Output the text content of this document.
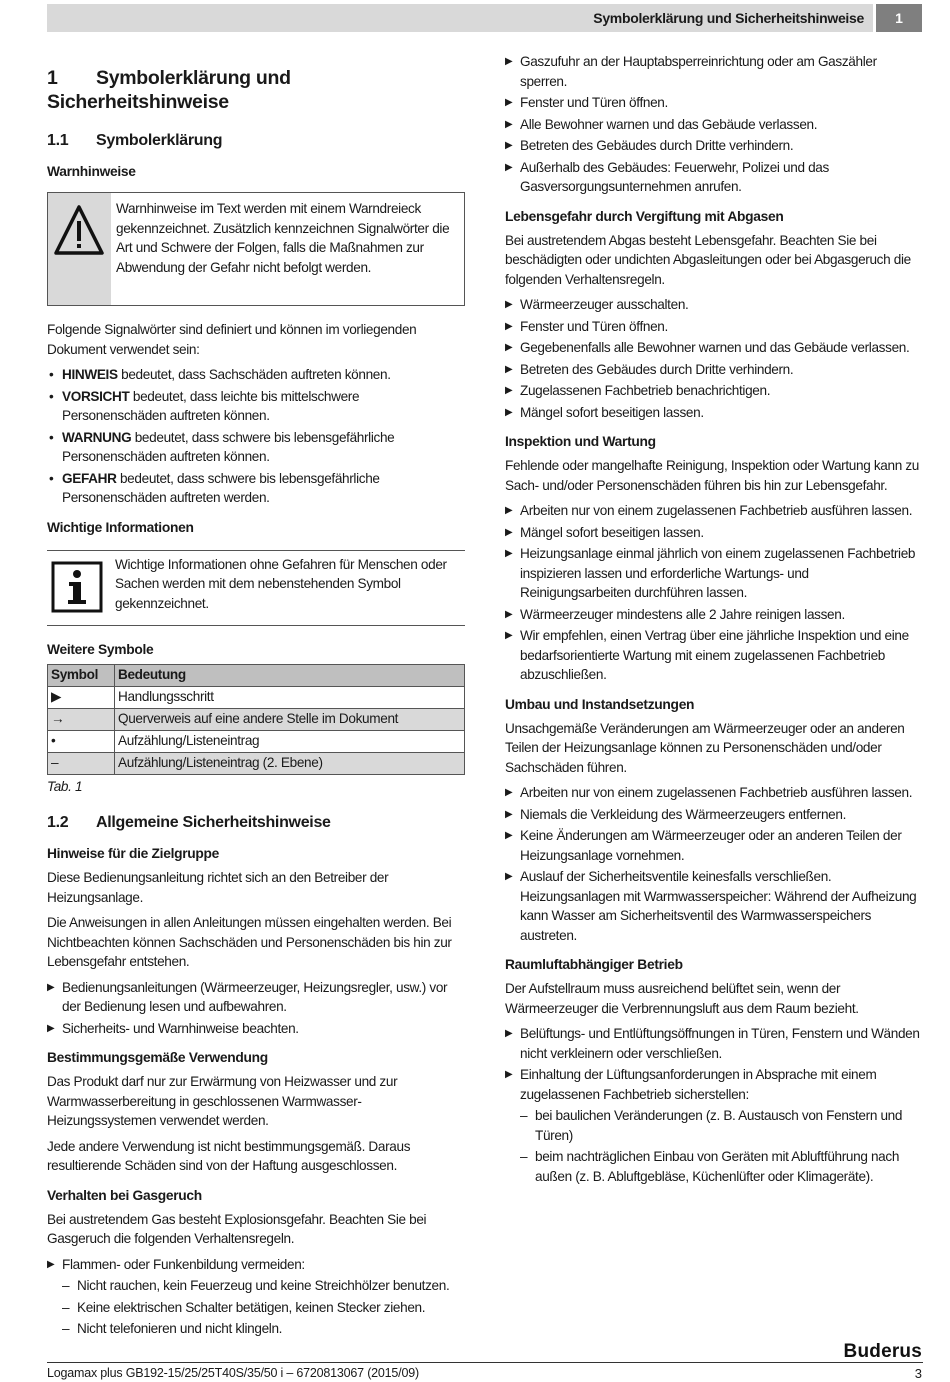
Symbolerklärung und Sicherheitshinweise	1
1 Symbolerklärung und Sicherheitshinweise
1.1 Symbolerklärung
Warnhinweise
Warnhinweise im Text werden mit einem Warndreieck gekennzeichnet. Zusätzlich kennzeichnen Signalwörter die Art und Schwere der Folgen, falls die Maßnahmen zur Abwendung der Gefahr nicht befolgt werden.

Folgende Signalwörter sind definiert und können im vorliegenden Dokument verwendet sein:

• HINWEIS bedeutet, dass Sachschäden auftreten können.
• VORSICHT bedeutet, dass leichte bis mittelschwere Personenschäden auftreten können.
• WARNUNG bedeutet, dass schwere bis lebensgefährliche Personenschäden auftreten können.
• GEFAHR bedeutet, dass schwere bis lebensgefährliche Personenschäden auftreten werden.
Wichtige Informationen
Wichtige Informationen ohne Gefahren für Menschen oder Sachen werden mit dem nebenstehenden Symbol gekennzeichnet.
Weitere Symbole
Symbol	Bedeutung
▶	Handlungsschritt
→	Querverweis auf eine andere Stelle im Dokument
•	Aufzählung/Listeneintrag
–	Aufzählung/Listeneintrag (2. Ebene)
Tab. 1
1.2 Allgemeine Sicherheitshinweise
Hinweise für die Zielgruppe

Diese Bedienungsanleitung richtet sich an den Betreiber der Heizungsanlage.

Die Anweisungen in allen Anleitungen müssen eingehalten werden. Bei Nichtbeachten können Sachschäden und Personenschäden bis hin zur Lebensgefahr entstehen.

▶ Bedienungsanleitungen (Wärmeerzeuger, Heizungsregler, usw.) vor der Bedienung lesen und aufbewahren.
▶ Sicherheits- und Warnhinweise beachten.
Bestimmungsgemäße Verwendung

Das Produkt darf nur zur Erwärmung von Heizwasser und zur Warmwasserbereitung in geschlossenen Warmwasser-Heizungssystemen verwendet werden.

Jede andere Verwendung ist nicht bestimmungsgemäß. Daraus resultierende Schäden sind von der Haftung ausgeschlossen.

Verhalten bei Gasgeruch

Bei austretendem Gas besteht Explosionsgefahr. Beachten Sie bei Gasgeruch die folgenden Verhaltensregeln.

▶ Flammen- oder Funkenbildung vermeiden:
– Nicht rauchen, kein Feuerzeug und keine Streichhölzer benutzen.
– Keine elektrischen Schalter betätigen, keinen Stecker ziehen.
– Nicht telefonieren und nicht klingeln.
▶ Gaszufuhr an der Hauptabsperreinrichtung oder am Gaszähler sperren.
▶ Fenster und Türen öffnen.
▶ Alle Bewohner warnen und das Gebäude verlassen.
▶ Betreten des Gebäudes durch Dritte verhindern.
▶ Außerhalb des Gebäudes: Feuerwehr, Polizei und das Gasversorgungsunternehmen anrufen.
Lebensgefahr durch Vergiftung mit Abgasen

Bei austretendem Abgas besteht Lebensgefahr. Beachten Sie bei beschädigten oder undichten Abgasleitungen oder bei Abgasgeruch die folgenden Verhaltensregeln.

▶ Wärmeerzeuger ausschalten.
▶ Fenster und Türen öffnen.
▶ Gegebenenfalls alle Bewohner warnen und das Gebäude verlassen.
▶ Betreten des Gebäudes durch Dritte verhindern.
▶ Zugelassenen Fachbetrieb benachrichtigen.
▶ Mängel sofort beseitigen lassen.
Inspektion und Wartung

Fehlende oder mangelhafte Reinigung, Inspektion oder Wartung kann zu Sach- und/oder Personenschäden führen bis hin zur Lebensgefahr.

▶ Arbeiten nur von einem zugelassenen Fachbetrieb ausführen lassen.
▶ Mängel sofort beseitigen lassen.
▶ Heizungsanlage einmal jährlich von einem zugelassenen Fachbetrieb inspizieren lassen und erforderliche Wartungs- und Reinigungsarbeiten durchführen lassen.
▶ Wärmeerzeuger mindestens alle 2 Jahre reinigen lassen.
▶ Wir empfehlen, einen Vertrag über eine jährliche Inspektion und eine bedarfsorientierte Wartung mit einem zugelassenen Fachbetrieb abzuschließen.
Umbau und Instandsetzungen

Unsachgemäße Veränderungen am Wärmeerzeuger oder an anderen Teilen der Heizungsanlage können zu Personenschäden und/oder Sachschäden führen.

▶ Arbeiten nur von einem zugelassenen Fachbetrieb ausführen lassen.
▶ Niemals die Verkleidung des Wärmeerzeugers entfernen.
▶ Keine Änderungen am Wärmeerzeuger oder an anderen Teilen der Heizungsanlage vornehmen.
▶ Auslauf der Sicherheitsventile keinesfalls verschließen. Heizungsanlagen mit Warmwasserspeicher: Während der Aufheizung kann Wasser am Sicherheitsventil des Warmwasserspeichers austreten.
Raumluftabhängiger Betrieb

Der Aufstellraum muss ausreichend belüftet sein, wenn der Wärmeerzeuger die Verbrennungsluft aus dem Raum bezieht.

▶ Belüftungs- und Entlüftungsöffnungen in Türen, Fenstern und Wänden nicht verkleinern oder verschließen.
▶ Einhaltung der Lüftungsanforderungen in Absprache mit einem zugelassenen Fachbetrieb sicherstellen:
– bei baulichen Veränderungen (z. B. Austausch von Fenstern und Türen)
– beim nachträglichen Einbau von Geräten mit Abluftführung nach außen (z. B. Abluftgebläse, Küchenlüfter oder Klimageräte).
Buderus
Logamax plus GB192-15/25/25T40S/35/50 i – 6720813067 (2015/09)	3
